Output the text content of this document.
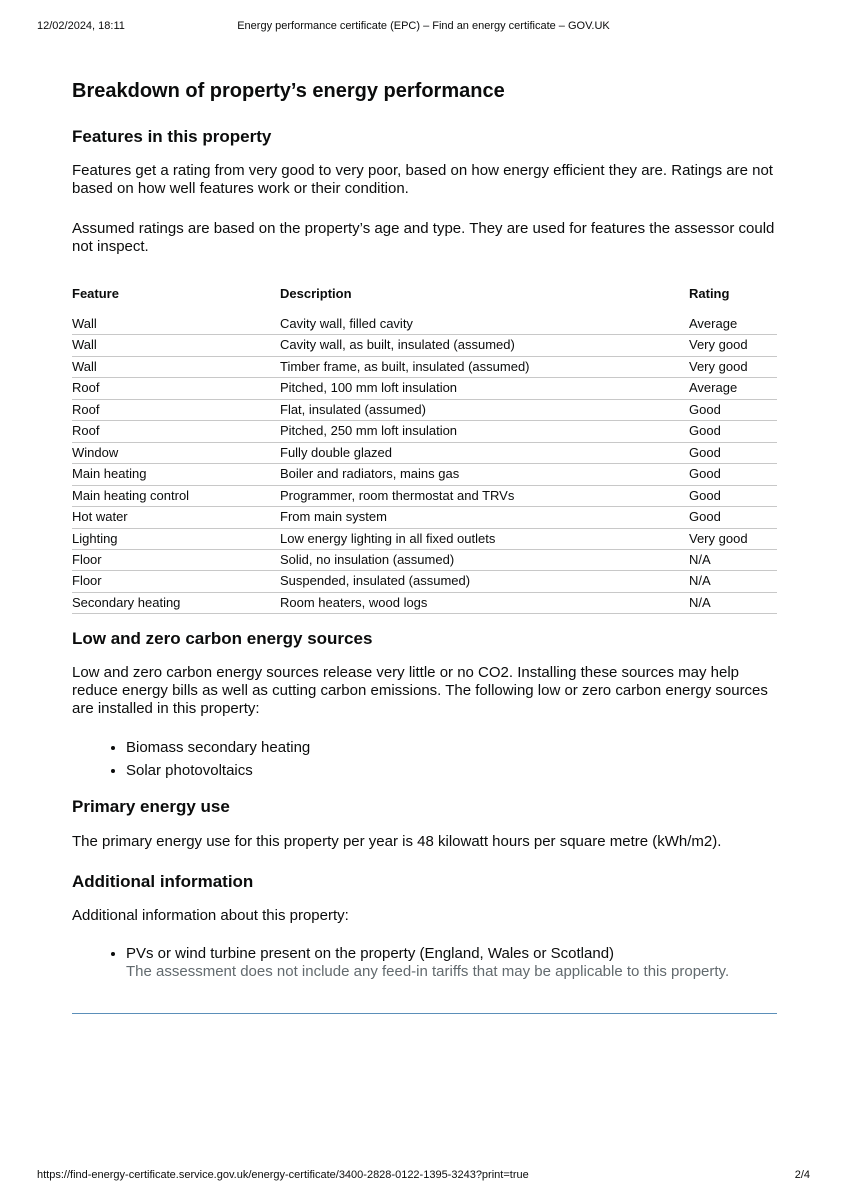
12/02/2024, 18:11	Energy performance certificate (EPC) – Find an energy certificate – GOV.UK
Breakdown of property’s energy performance
Features in this property

Features get a rating from very good to very poor, based on how energy efficient they are. Ratings are not based on how well features work or their condition.

Assumed ratings are based on the property’s age and type. They are used for features the assessor could not inspect.

Feature	Description	Rating
Wall	Cavity wall, filled cavity	Average
Wall	Cavity wall, as built, insulated (assumed)	Very good
Wall	Timber frame, as built, insulated (assumed)	Very good
Roof	Pitched, 100 mm loft insulation	Average
Roof	Flat, insulated (assumed)	Good
Roof	Pitched, 250 mm loft insulation	Good
Window	Fully double glazed	Good
Main heating	Boiler and radiators, mains gas	Good
Main heating control	Programmer, room thermostat and TRVs	Good
Hot water	From main system	Good
Lighting	Low energy lighting in all fixed outlets	Very good
Floor	Solid, no insulation (assumed)	N/A
Floor	Suspended, insulated (assumed)	N/A
Secondary heating	Room heaters, wood logs	N/A
Low and zero carbon energy sources

Low and zero carbon energy sources release very little or no CO2. Installing these sources may help reduce energy bills as well as cutting carbon emissions. The following low or zero carbon energy sources are installed in this property:

• Biomass secondary heating
• Solar photovoltaics
Primary energy use

The primary energy use for this property per year is 48 kilowatt hours per square metre (kWh/m2).

Additional information

Additional information about this property:

• PVs or wind turbine present on the property (England, Wales or Scotland)
The assessment does not include any feed-in tariffs that may be applicable to this property.
https://find-energy-certificate.service.gov.uk/energy-certificate/3400-2828-0122-1395-3243?print=true	2/4
